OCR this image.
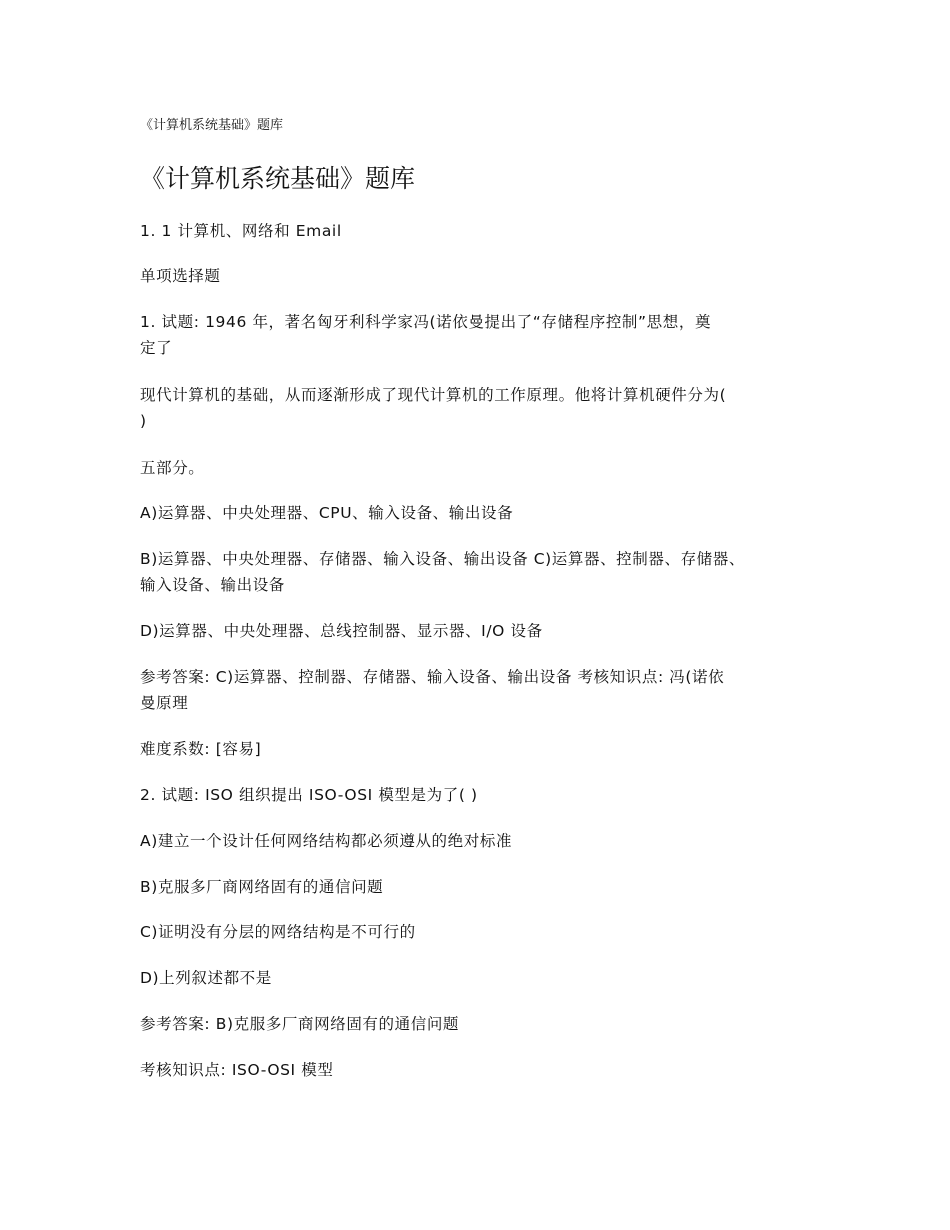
《计算机系统基础》题库
《计算机系统基础》题库
1. 1 计算机、网络和 Email
单项选择题
1. 试题: 1946 年，著名匈牙利科学家冯(诺依曼提出了“存储程序控制”思想，奠
定了
现代计算机的基础，从而逐渐形成了现代计算机的工作原理。他将计算机硬件分为(
)
五部分。
A)运算器、中央处理器、CPU、输入设备、输出设备
B)运算器、中央处理器、存储器、输入设备、输出设备 C)运算器、控制器、存储器、
输入设备、输出设备
D)运算器、中央处理器、总线控制器、显示器、I/O 设备
参考答案: C)运算器、控制器、存储器、输入设备、输出设备 考核知识点: 冯(诺依
曼原理
难度系数: [容易]
2. 试题: ISO 组织提出 ISO-OSI 模型是为了( )
A)建立一个设计任何网络结构都必须遵从的绝对标准
B)克服多厂商网络固有的通信问题
C)证明没有分层的网络结构是不可行的
D)上列叙述都不是
参考答案: B)克服多厂商网络固有的通信问题
考核知识点: ISO-OSI 模型
